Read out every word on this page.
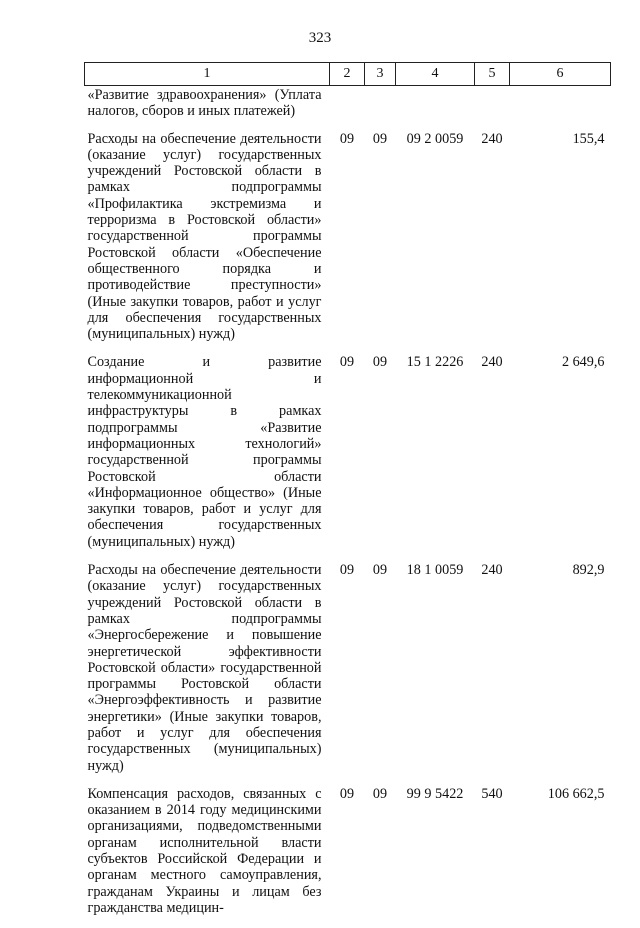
323
1	2	3	4	5	6
«Развитие здравоохранения» (Уплата налогов, сборов и иных платежей)					
Расходы на обеспечение деятельности (оказание услуг) государственных учреждений Ростовской области в рамках подпрограммы «Профилактика экстремизма и терроризма в Ростовской области» государственной программы Ростовской области «Обеспечение общественного порядка и противодействие преступности» (Иные закупки товаров, работ и услуг для обеспечения государственных (муниципальных) нужд)	09	09	09 2 0059	240	155,4
Создание и развитие информационной и телекоммуникационной инфраструктуры в рамках подпрограммы «Развитие информационных технологий» государственной программы Ростовской области «Информационное общество» (Иные закупки товаров, работ и услуг для обеспечения государственных (муниципальных) нужд)	09	09	15 1 2226	240	2 649,6
Расходы на обеспечение деятельности (оказание услуг) государственных учреждений Ростовской области в рамках подпрограммы «Энергосбережение и повышение энергетической эффективности Ростовской области» государственной программы Ростовской области «Энергоэффективность и развитие энергетики» (Иные закупки товаров, работ и услуг для обеспечения государственных (муниципальных) нужд)	09	09	18 1 0059	240	892,9
Компенсация расходов, связанных с оказанием в 2014 году медицинскими организациями, подведомственными органам исполнительной власти субъектов Российской Федерации и органам местного самоуправления, гражданам Украины и лицам без гражданства медицин-	09	09	99 9 5422	540	106 662,5
